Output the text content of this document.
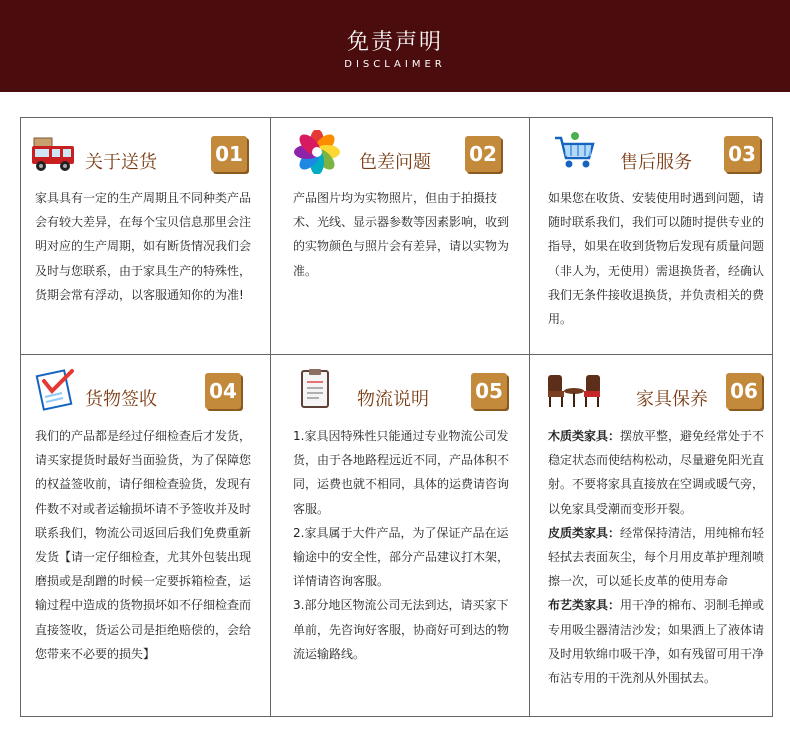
免责声明
DISCLAIMER
关于送货	01
家具具有一定的生产周期且不同种类产品会有较大差异，在每个宝贝信息那里会注明对应的生产周期，如有断货情况我们会及时与您联系，由于家具生产的特殊性，货期会常有浮动，以客服通知你的为准!
色差问题 02
产品图片均为实物照片，但由于拍摄技术、光线、显示器参数等因素影响，收到的实物颜色与照片会有差异，请以实物为准。
售后服务 03
如果您在收货、安装使用时遇到问题，请随时联系我们，我们可以随时提供专业的指导，如果在收到货物后发现有质量问题（非人为，无使用）需退换货者，经确认我们无条件接收退换货，并负责相关的费用。
货物签收	04
我们的产品都是经过仔细检查后才发货，请买家提货时最好当面验货，为了保障您的权益签收前，请仔细检查验货，发现有件数不对或者运输损坏请不予签收并及时联系我们，物流公司返回后我们免费重新发货【请一定仔细检查，尤其外包装出现磨损或是刮蹭的时候一定要拆箱检查，运输过程中造成的货物损坏如不仔细检查而直接签收，货运公司是拒绝赔偿的，会给您带来不必要的损失】
物流说明 05
1.家具因特殊性只能通过专业物流公司发货，由于各地路程远近不同，产品体积不同，运费也就不相同，具体的运费请咨询客服。
2.家具属于大件产品，为了保证产品在运输途中的安全性，部分产品建议打木架，详情请咨询客服。
3.部分地区物流公司无法到达，请买家下单前，先咨询好客服，协商好可到达的物流运输路线。
家具保养 06
木质类家具：摆放平整，避免经常处于不稳定状态而使结构松动，尽量避免阳光直射。不要将家具直接放在空调或暖气旁，以免家具受潮而变形开裂。
皮质类家具：经常保持清洁，用纯棉布轻轻拭去表面灰尘，每个月用皮革护理剂喷擦一次，可以延长皮革的使用寿命
布艺类家具：用干净的棉布、羽制毛掸或专用吸尘器清洁沙发；如果洒上了液体请及时用软绵巾吸干净，如有残留可用干净布沾专用的干洗剂从外围拭去。
